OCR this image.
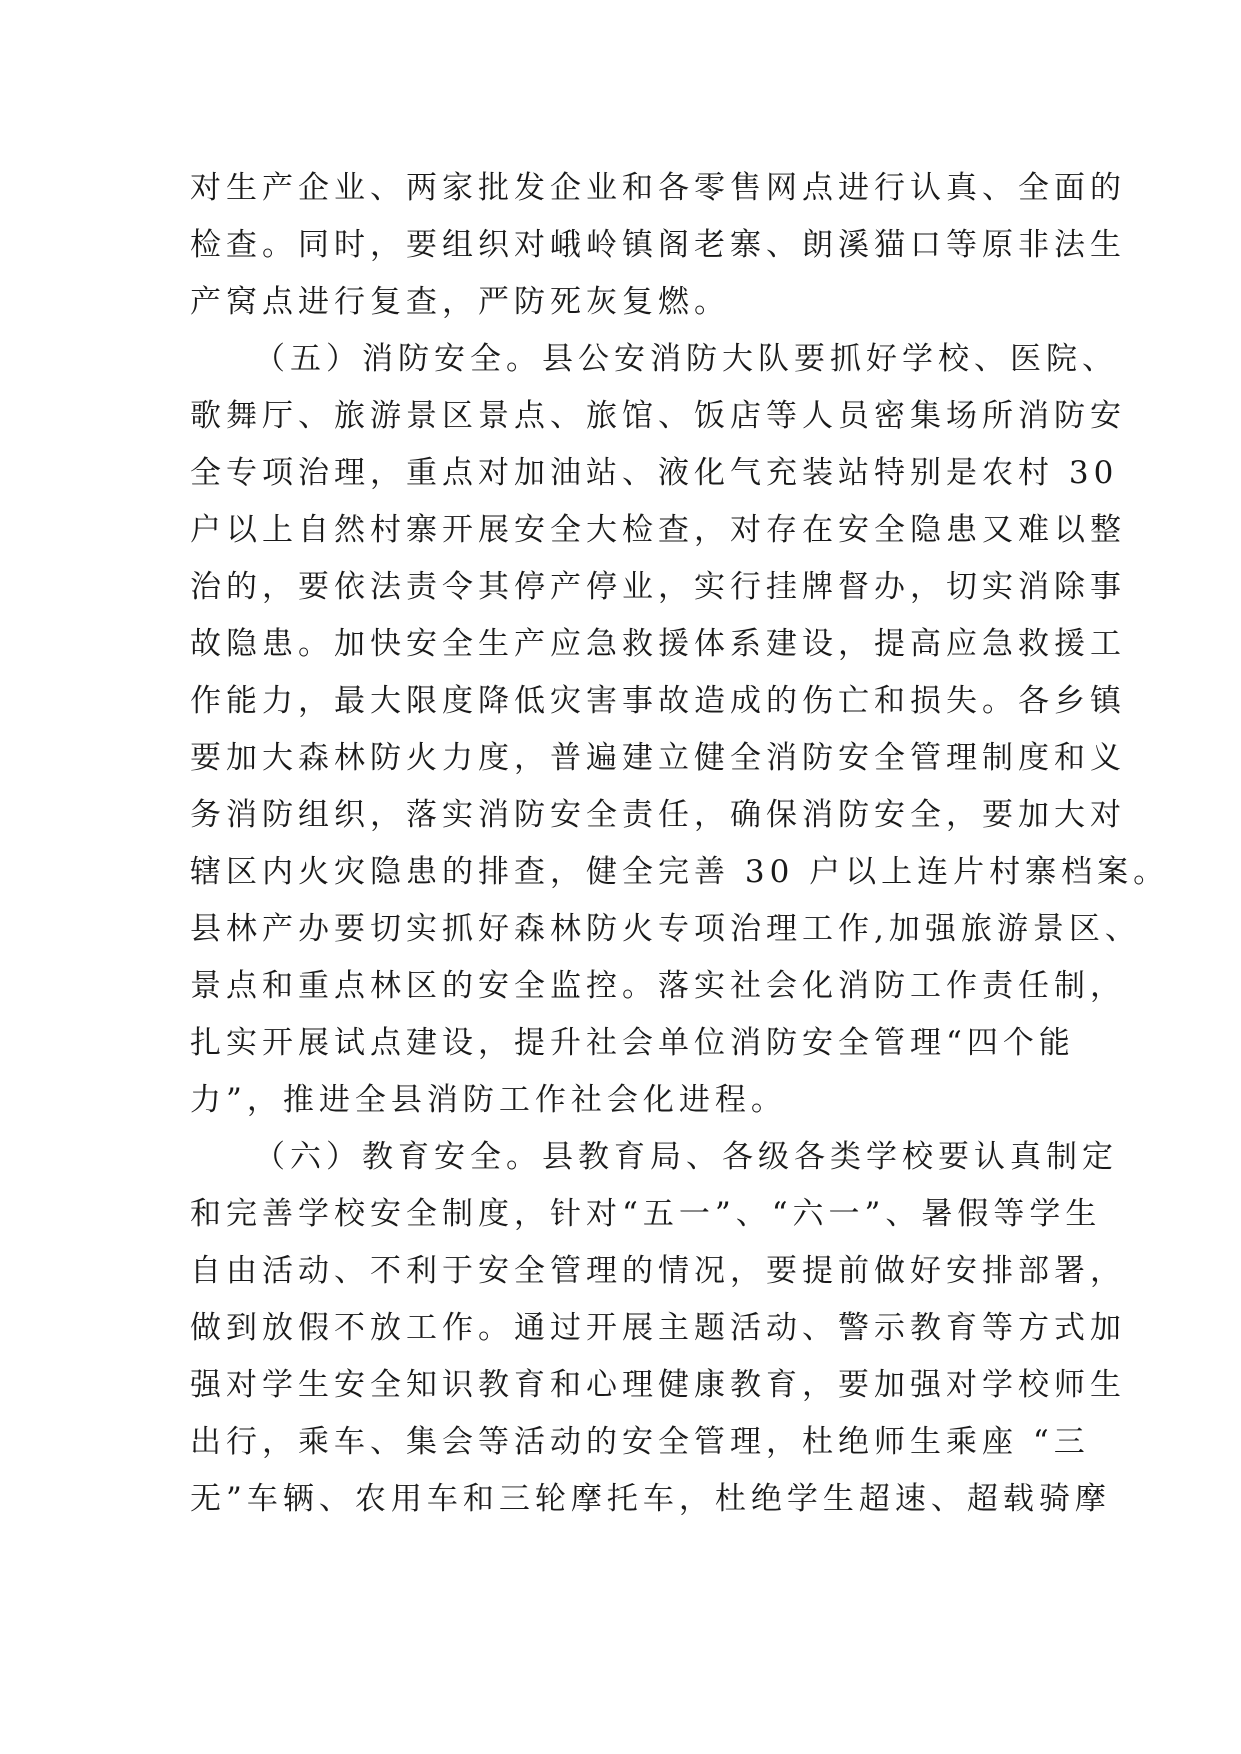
对生产企业、两家批发企业和各零售网点进行认真、全面的
检查。同时，要组织对峨岭镇阁老寨、朗溪猫口等原非法生
产窝点进行复查，严防死灰复燃。
（五）消防安全。县公安消防大队要抓好学校、医院、
歌舞厅、旅游景区景点、旅馆、饭店等人员密集场所消防安
全专项治理，重点对加油站、液化气充装站特别是农村 30
户以上自然村寨开展安全大检查，对存在安全隐患又难以整
治的，要依法责令其停产停业，实行挂牌督办，切实消除事
故隐患。加快安全生产应急救援体系建设，提高应急救援工
作能力，最大限度降低灾害事故造成的伤亡和损失。各乡镇
要加大森林防火力度，普遍建立健全消防安全管理制度和义
务消防组织，落实消防安全责任，确保消防安全，要加大对
辖区内火灾隐患的排查，健全完善 30 户以上连片村寨档案。
县林产办要切实抓好森林防火专项治理工作,加强旅游景区、
景点和重点林区的安全监控。落实社会化消防工作责任制，
扎实开展试点建设，提升社会单位消防安全管理“四个能
力”，推进全县消防工作社会化进程。
（六）教育安全。县教育局、各级各类学校要认真制定
和完善学校安全制度，针对“五一”、“六一”、暑假等学生
自由活动、不利于安全管理的情况，要提前做好安排部署，
做到放假不放工作。通过开展主题活动、警示教育等方式加
强对学生安全知识教育和心理健康教育，要加强对学校师生
出行，乘车、集会等活动的安全管理，杜绝师生乘座 “三
无”车辆、农用车和三轮摩托车，杜绝学生超速、超载骑摩
